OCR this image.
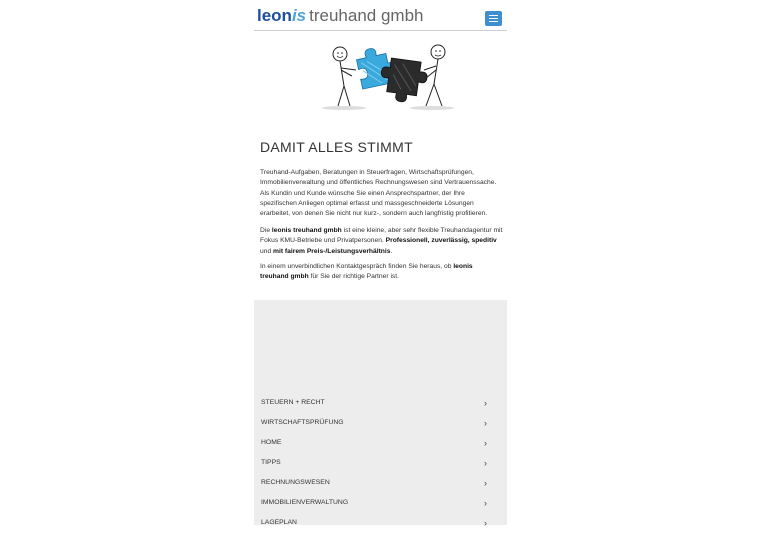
leonis treuhand gmbh
DAMIT ALLES STIMMT
Treuhand-Aufgaben, Beratungen in Steuerfragen, Wirtschaftsprüfungen, Immobilienverwaltung und öffentliches Rechnungswesen sind Vertrauenssache. Als Kundin und Kunde wünsche Sie einen Ansprechspartner, der Ihre spezifischen Anliegen optimal erfasst und massgeschneiderte Lösungen erarbeitet, von denen Sie nicht nur kurz-, sondern auch langfristig profitieren.
Die leonis treuhand gmbh ist eine kleine, aber sehr flexible Treuhandagentur mit Fokus KMU-Betriebe und Privatpersonen. Professionell, zuverlässig, speditiv und mit fairem Preis-/Leistungsverhältnis.
In einem unverbindlichen Kontaktgespräch finden Sie heraus, ob leonis treuhand gmbh für Sie der richtige Partner ist.
STEUERN + RECHT	›
WIRTSCHAFTSPRÜFUNG	›
HOME	›
TIPPS	›
RECHNUNGSWESEN	›
IMMOBILIENVERWALTUNG	›
LAGEPLAN	›
